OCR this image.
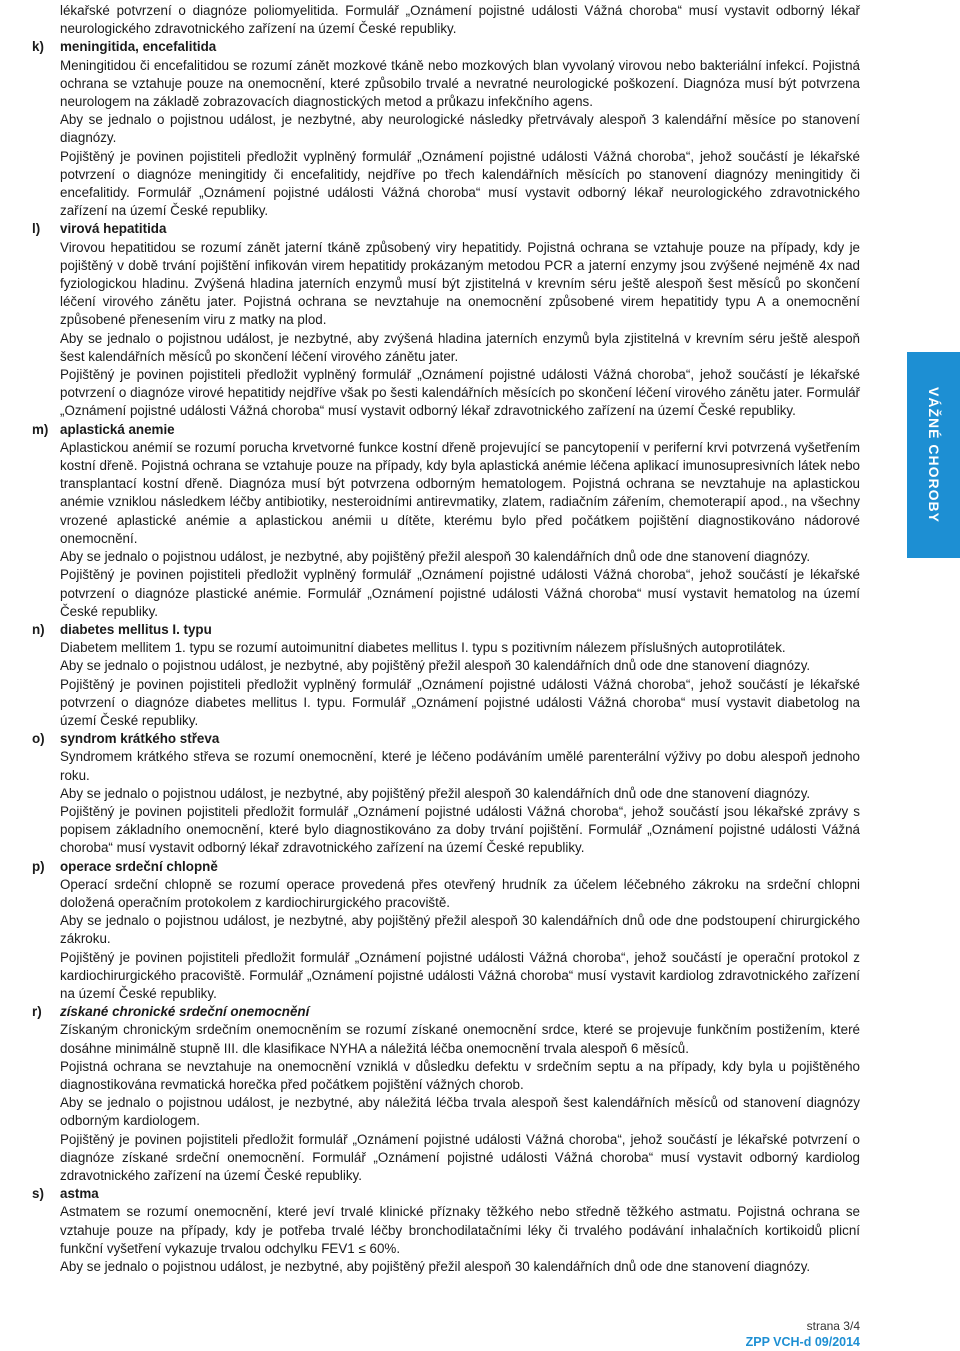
lékařské potvrzení o diagnóze poliomyelitida. Formulář „Oznámení pojistné události Vážná choroba“ musí vystavit odborný lékař neurologického zdravotnického zařízení na území České republiky.

k)	meningitida, encefalitida

Meningitidou či encefalitidou se rozumí zánět mozkové tkáně nebo mozkových blan vyvolaný virovou nebo bakteriální infekcí. Pojistná ochrana se vztahuje pouze na onemocnění, které způsobilo trvalé a nevratné neurologické poškození. Diagnóza musí být potvrzena neurologem na základě zobrazovacích diagnostických metod a průkazu infekčního agens.

Aby se jednalo o pojistnou událost, je nezbytné, aby neurologické následky přetrvávaly alespoň 3 kalendářní měsíce po stanovení diagnózy.

Pojištěný je povinen pojistiteli předložit vyplněný formulář „Oznámení pojistné události Vážná choroba“, jehož součástí je lékařské potvrzení o diagnóze meningitidy či encefalitidy, nejdříve po třech kalendářních měsících po stanovení diagnózy meningitidy či encefalitidy. Formulář „Oznámení pojistné události Vážná choroba“ musí vystavit odborný lékař neurologického zdravotnického zařízení na území České republiky.

l)	virová hepatitida

Virovou hepatitidou se rozumí zánět jaterní tkáně způsobený viry hepatitidy. Pojistná ochrana se vztahuje pouze na případy, kdy je pojištěný v době trvání pojištění infikován virem hepatitidy prokázaným metodou PCR a jaterní enzymy jsou zvýšené nejméně 4x nad fyziologickou hladinu. Zvýšená hladina jaterních enzymů musí být zjistitelná v krevním séru ještě alespoň šest měsíců po skončení léčení virového zánětu jater. Pojistná ochrana se nevztahuje na onemocnění způsobené virem hepatitidy typu A a onemocnění způsobené přenesením viru z matky na plod.

Aby se jednalo o pojistnou událost, je nezbytné, aby zvýšená hladina jaterních enzymů byla zjistitelná v krevním séru ještě alespoň šest kalendářních měsíců po skončení léčení virového zánětu jater.

Pojištěný je povinen pojistiteli předložit vyplněný formulář „Oznámení pojistné události Vážná choroba“, jehož součástí je lékařské potvrzení o diagnóze virové hepatitidy nejdříve však po šesti kalendářních měsících po skončení léčení virového zánětu jater. Formulář „Oznámení pojistné události Vážná choroba“ musí vystavit odborný lékař zdravotnického zařízení na území České republiky.

m) aplastická anemie

Aplastickou anémií se rozumí porucha krvetvorné funkce kostní dřeně projevující se pancytopenií v periferní krvi potvrzená vyšetřením kostní dřeně. Pojistná ochrana se vztahuje pouze na případy, kdy byla aplastická anémie léčena aplikací imunosupresivních látek nebo transplantací kostní dřeně. Diagnóza musí být potvrzena odborným hematologem. Pojistná ochrana se nevztahuje na aplastickou anémie vzniklou následkem léčby antibiotiky, nesteroidními antirevmatiky, zlatem, radiačním zářením, chemoterapií apod., na všechny vrozené aplastické anémie a aplastickou anémii u dítěte, kterému bylo před počátkem pojištění diagnostikováno nádorové onemocnění.

Aby se jednalo o pojistnou událost, je nezbytné, aby pojištěný přežil alespoň 30 kalendářních dnů ode dne stanovení diagnózy.

Pojištěný je povinen pojistiteli předložit vyplněný formulář „Oznámení pojistné události Vážná choroba“, jehož součástí je lékařské potvrzení o diagnóze plastické anémie. Formulář „Oznámení pojistné události Vážná choroba“ musí vystavit hematolog na území České republiky.

n)	diabetes mellitus I. typu

Diabetem mellitem 1. typu se rozumí autoimunitní diabetes mellitus I. typu s pozitivním nálezem příslušných autoprotilátek.

Aby se jednalo o pojistnou událost, je nezbytné, aby pojištěný přežil alespoň 30 kalendářních dnů ode dne stanovení diagnózy.

Pojištěný je povinen pojistiteli předložit vyplněný formulář „Oznámení pojistné události Vážná choroba“, jehož součástí je lékařské potvrzení o diagnóze diabetes mellitus I. typu. Formulář „Oznámení pojistné události Vážná choroba“ musí vystavit diabetolog na území České republiky.

o)	syndrom krátkého střeva

Syndromem krátkého střeva se rozumí onemocnění, které je léčeno podáváním umělé parenterální výživy po dobu alespoň jednoho roku.

Aby se jednalo o pojistnou událost, je nezbytné, aby pojištěný přežil alespoň 30 kalendářních dnů ode dne stanovení diagnózy.

Pojištěný je povinen pojistiteli předložit formulář „Oznámení pojistné události Vážná choroba“, jehož součástí jsou lékařské zprávy s popisem základního onemocnění, které bylo diagnostikováno za doby trvání pojištění. Formulář „Oznámení pojistné události Vážná choroba“ musí vystavit odborný lékař zdravotnického zařízení na území České republiky.

p)	operace srdeční chlopně

Operací srdeční chlopně se rozumí operace provedená přes otevřený hrudník za účelem léčebného zákroku na srdeční chlopni doložená operačním protokolem z kardiochirurgického pracoviště.

Aby se jednalo o pojistnou událost, je nezbytné, aby pojištěný přežil alespoň 30 kalendářních dnů ode dne podstoupení chirurgického zákroku.

Pojištěný je povinen pojistiteli předložit formulář „Oznámení pojistné události Vážná choroba“, jehož součástí je operační protokol z kardiochirurgického pracoviště. Formulář „Oznámení pojistné události Vážná choroba“ musí vystavit kardiolog zdravotnického zařízení na území České republiky.

r)	získané chronické srdeční onemocnění

Získaným chronickým srdečním onemocněním se rozumí získané onemocnění srdce, které se projevuje funkčním postižením, které dosáhne minimálně stupně III. dle klasifikace NYHA a náležitá léčba onemocnění trvala alespoň 6 měsíců.

Pojistná ochrana se nevztahuje na onemocnění vzniklá v důsledku defektu v srdečním septu a na případy, kdy byla u pojištěného diagnostikována revmatická horečka před počátkem pojištění vážných chorob.

Aby se jednalo o pojistnou událost, je nezbytné, aby náležitá léčba trvala alespoň šest kalendářních měsíců od stanovení diagnózy odborným kardiologem.

Pojištěný je povinen pojistiteli předložit formulář „Oznámení pojistné události Vážná choroba“, jehož součástí je lékařské potvrzení o diagnóze získané srdeční onemocnění. Formulář „Oznámení pojistné události Vážná choroba“ musí vystavit odborný kardiolog zdravotnického zařízení na území České republiky.

s)	astma

Astmatem se rozumí onemocnění, které jeví trvalé klinické příznaky těžkého nebo středně těžkého astmatu. Pojistná ochrana se vztahuje pouze na případy, kdy je potřeba trvalé léčby bronchodilatačními léky či trvalého podávání inhalačních kortikoidů plicní funkční vyšetření vykazuje trvalou odchylku FEV1 ≤ 60%.

Aby se jednalo o pojistnou událost, je nezbytné, aby pojištěný přežil alespoň 30 kalendářních dnů ode dne stanovení diagnózy.

VÁŽNÉ CHOROBY
strana 3/4
ZPP VCH-d 09/2014
